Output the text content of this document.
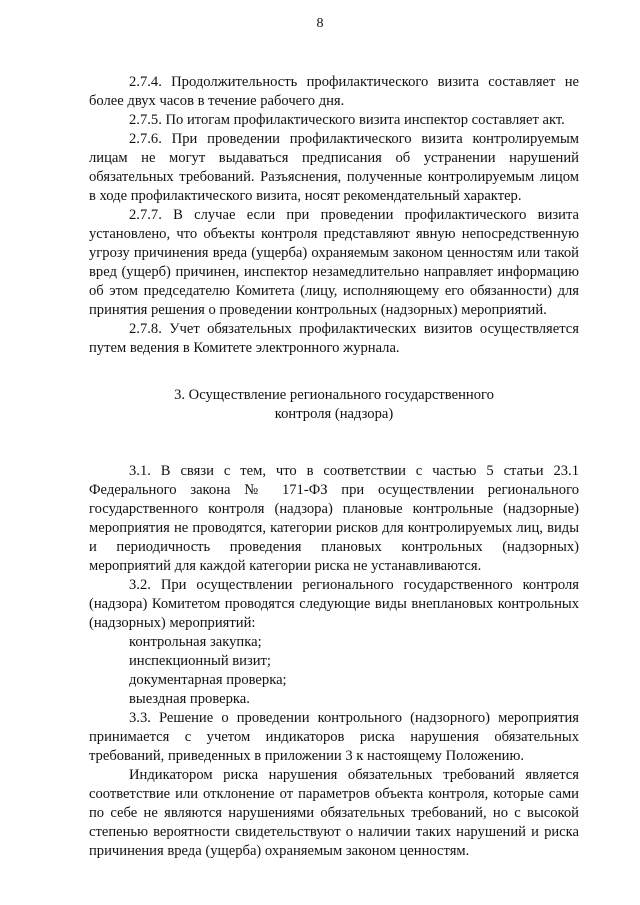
8

2.7.4. Продолжительность профилактического визита составляет не более двух часов в течение рабочего дня.

2.7.5. По итогам профилактического визита инспектор составляет акт.

2.7.6. При проведении профилактического визита контролируемым лицам не могут выдаваться предписания об устранении нарушений обязательных требований. Разъяснения, полученные контролируемым лицом в ходе профилактического визита, носят рекомендательный характер.

2.7.7. В случае если при проведении профилактического визита установлено, что объекты контроля представляют явную непосредственную угрозу причинения вреда (ущерба) охраняемым законом ценностям или такой вред (ущерб) причинен, инспектор незамедлительно направляет информацию об этом председателю Комитета (лицу, исполняющему его обязанности) для принятия решения о проведении контрольных (надзорных) мероприятий.

2.7.8. Учет обязательных профилактических визитов осуществляется путем ведения в Комитете электронного журнала.

3. Осуществление регионального государственного

контроля (надзора)

3.1. В связи с тем, что в соответствии с частью 5 статьи 23.1 Федерального закона № 171-ФЗ при осуществлении регионального государственного контроля (надзора) плановые контрольные (надзорные) мероприятия не проводятся, категории рисков для контролируемых лиц, виды и периодичность проведения плановых контрольных (надзорных) мероприятий для каждой категории риска не устанавливаются.

3.2. При осуществлении регионального государственного контроля (надзора) Комитетом проводятся следующие виды внеплановых контрольных (надзорных) мероприятий:

контрольная закупка;

инспекционный визит;

документарная проверка;

выездная проверка.

3.3. Решение о проведении контрольного (надзорного) мероприятия принимается с учетом индикаторов риска нарушения обязательных требований, приведенных в приложении 3 к настоящему Положению.

Индикатором риска нарушения обязательных требований является соответствие или отклонение от параметров объекта контроля, которые сами по себе не являются нарушениями обязательных требований, но с высокой степенью вероятности свидетельствуют о наличии таких нарушений и риска причинения вреда (ущерба) охраняемым законом ценностям.
